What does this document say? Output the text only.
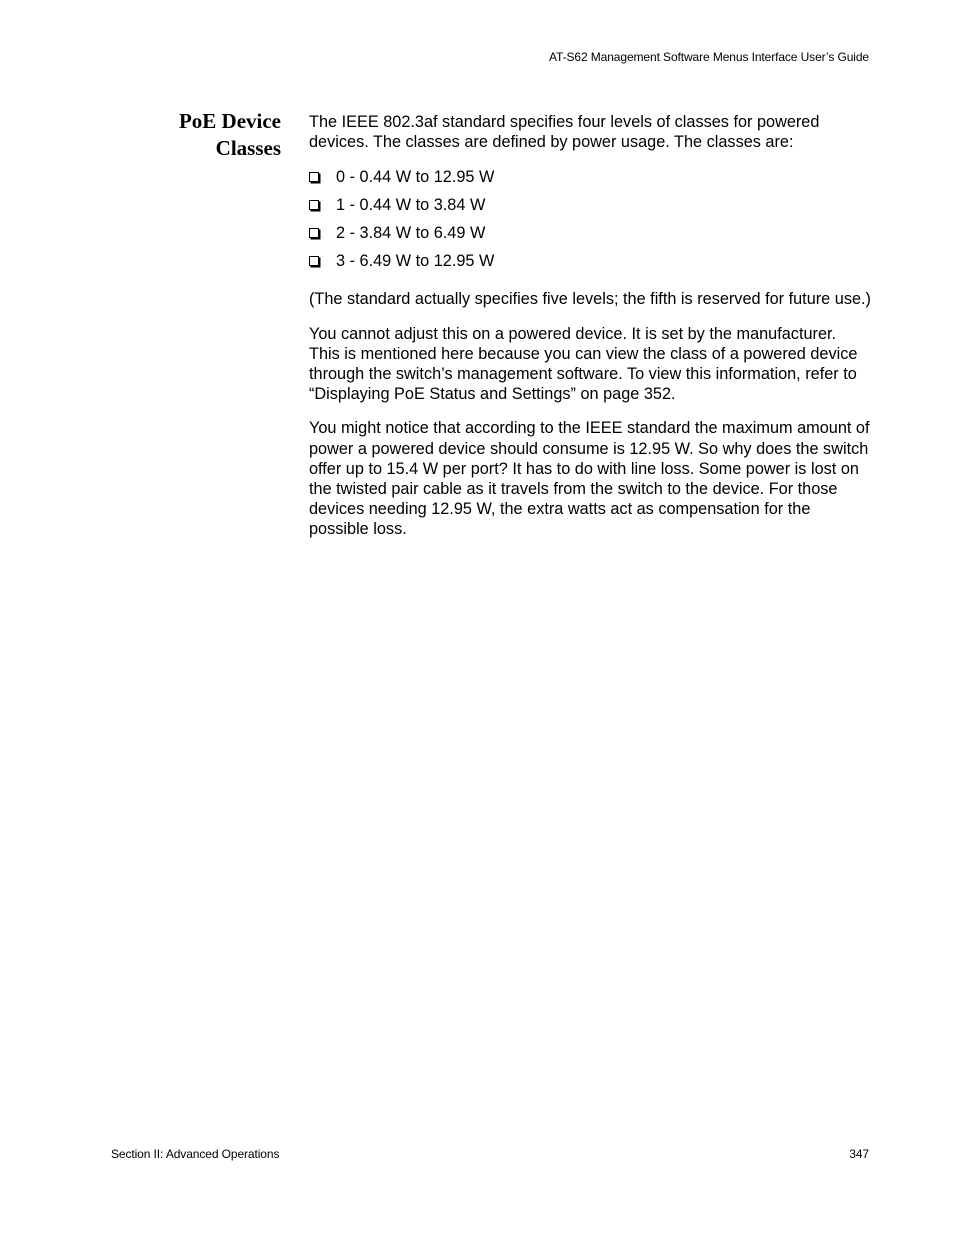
AT-S62 Management Software Menus Interface User’s Guide
PoE Device
Classes

The IEEE 802.3af standard specifies four levels of classes for powered devices. The classes are defined by power usage. The classes are:

0 - 0.44 W to 12.95 W
1 - 0.44 W to 3.84 W
2 - 3.84 W to 6.49 W
3 - 6.49 W to 12.95 W

(The standard actually specifies five levels; the fifth is reserved for future use.)

You cannot adjust this on a powered device. It is set by the manufacturer. This is mentioned here because you can view the class of a powered device through the switch’s management software. To view this information, refer to “Displaying PoE Status and Settings” on page 352.

You might notice that according to the IEEE standard the maximum amount of power a powered device should consume is 12.95 W. So why does the switch offer up to 15.4 W per port? It has to do with line loss. Some power is lost on the twisted pair cable as it travels from the switch to the device. For those devices needing 12.95 W, the extra watts act as compensation for the possible loss.

Section II: Advanced Operations	347
